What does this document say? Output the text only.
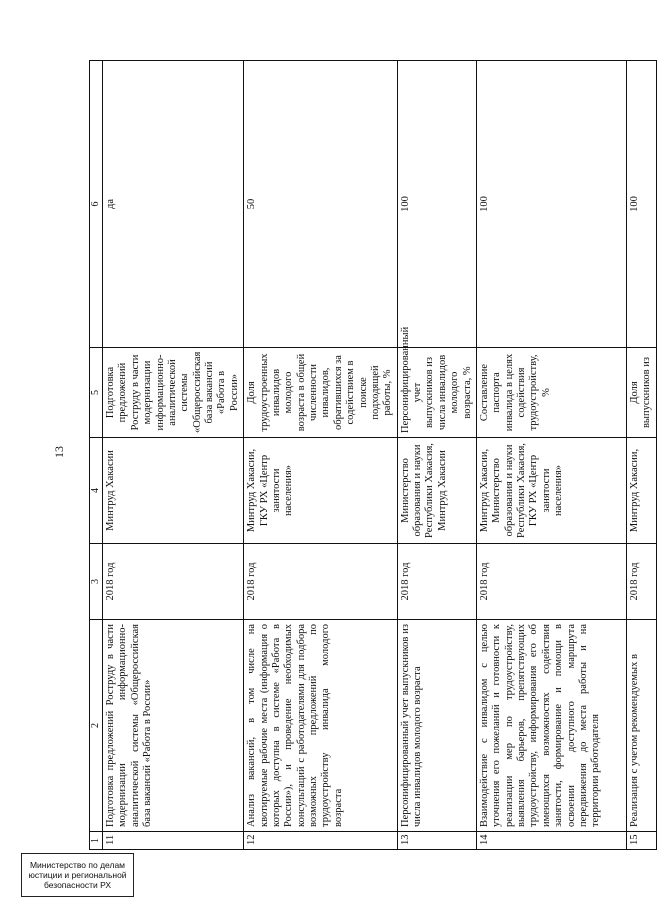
13
1	2	3	4	5	6
11	Подготовка предложений Роструду в части модернизации информационно-аналитической системы «Общероссийская база вакансий «Работа в России»	2018 год	Минтруд Хакасии	Подготовка предложений Роструду в части модернизации информационно-аналитической системы «Общероссийская база вакансий «Работа в России»	да
12	Анализ вакансий, в том числе на квотируемые рабочие места (информация о которых доступна в системе «Работа в России»), и проведение необходимых консультаций с работодателями для подбора возможных предложений по трудоустройству инвалида молодого возраста	2018 год	Минтруд Хакасии, ГКУ РХ «Центр занятости населения»	Доля трудоустроенных инвалидов молодого возраста в общей численности инвалидов, обратившихся за содействием в поиске подходящей работы, %	50
13	Персонифицированный учет выпускников из числа инвалидов молодого возраста	2018 год	Министерство образования и науки Республики Хакасия, Минтруд Хакасии	Персонифицированный учет выпускников из числа инвалидов молодого возраста, %	100
14	Взаимодействие с инвалидом с целью уточнения его пожеланий и готовности к реализации мер по трудоустройству, выявления барьеров, препятствующих трудоустройству, информирования его об имеющихся возможностях содействия занятости, формирование и помощи в освоении доступного маршрута передвижения до места работы и на территории работодателя	2018 год	Минтруд Хакасии, Министерство образования и науки Республики Хакасия, ГКУ РХ «Центр занятости населения»	Составление паспорта инвалида в целях содействия трудоустройству, %	100
15	Реализация с учетом рекомендуемых в	2018 год	Минтруд Хакасии,	Доля выпускников из	100
Министерство по делам
юстиции и региональной
безопасности РХ
